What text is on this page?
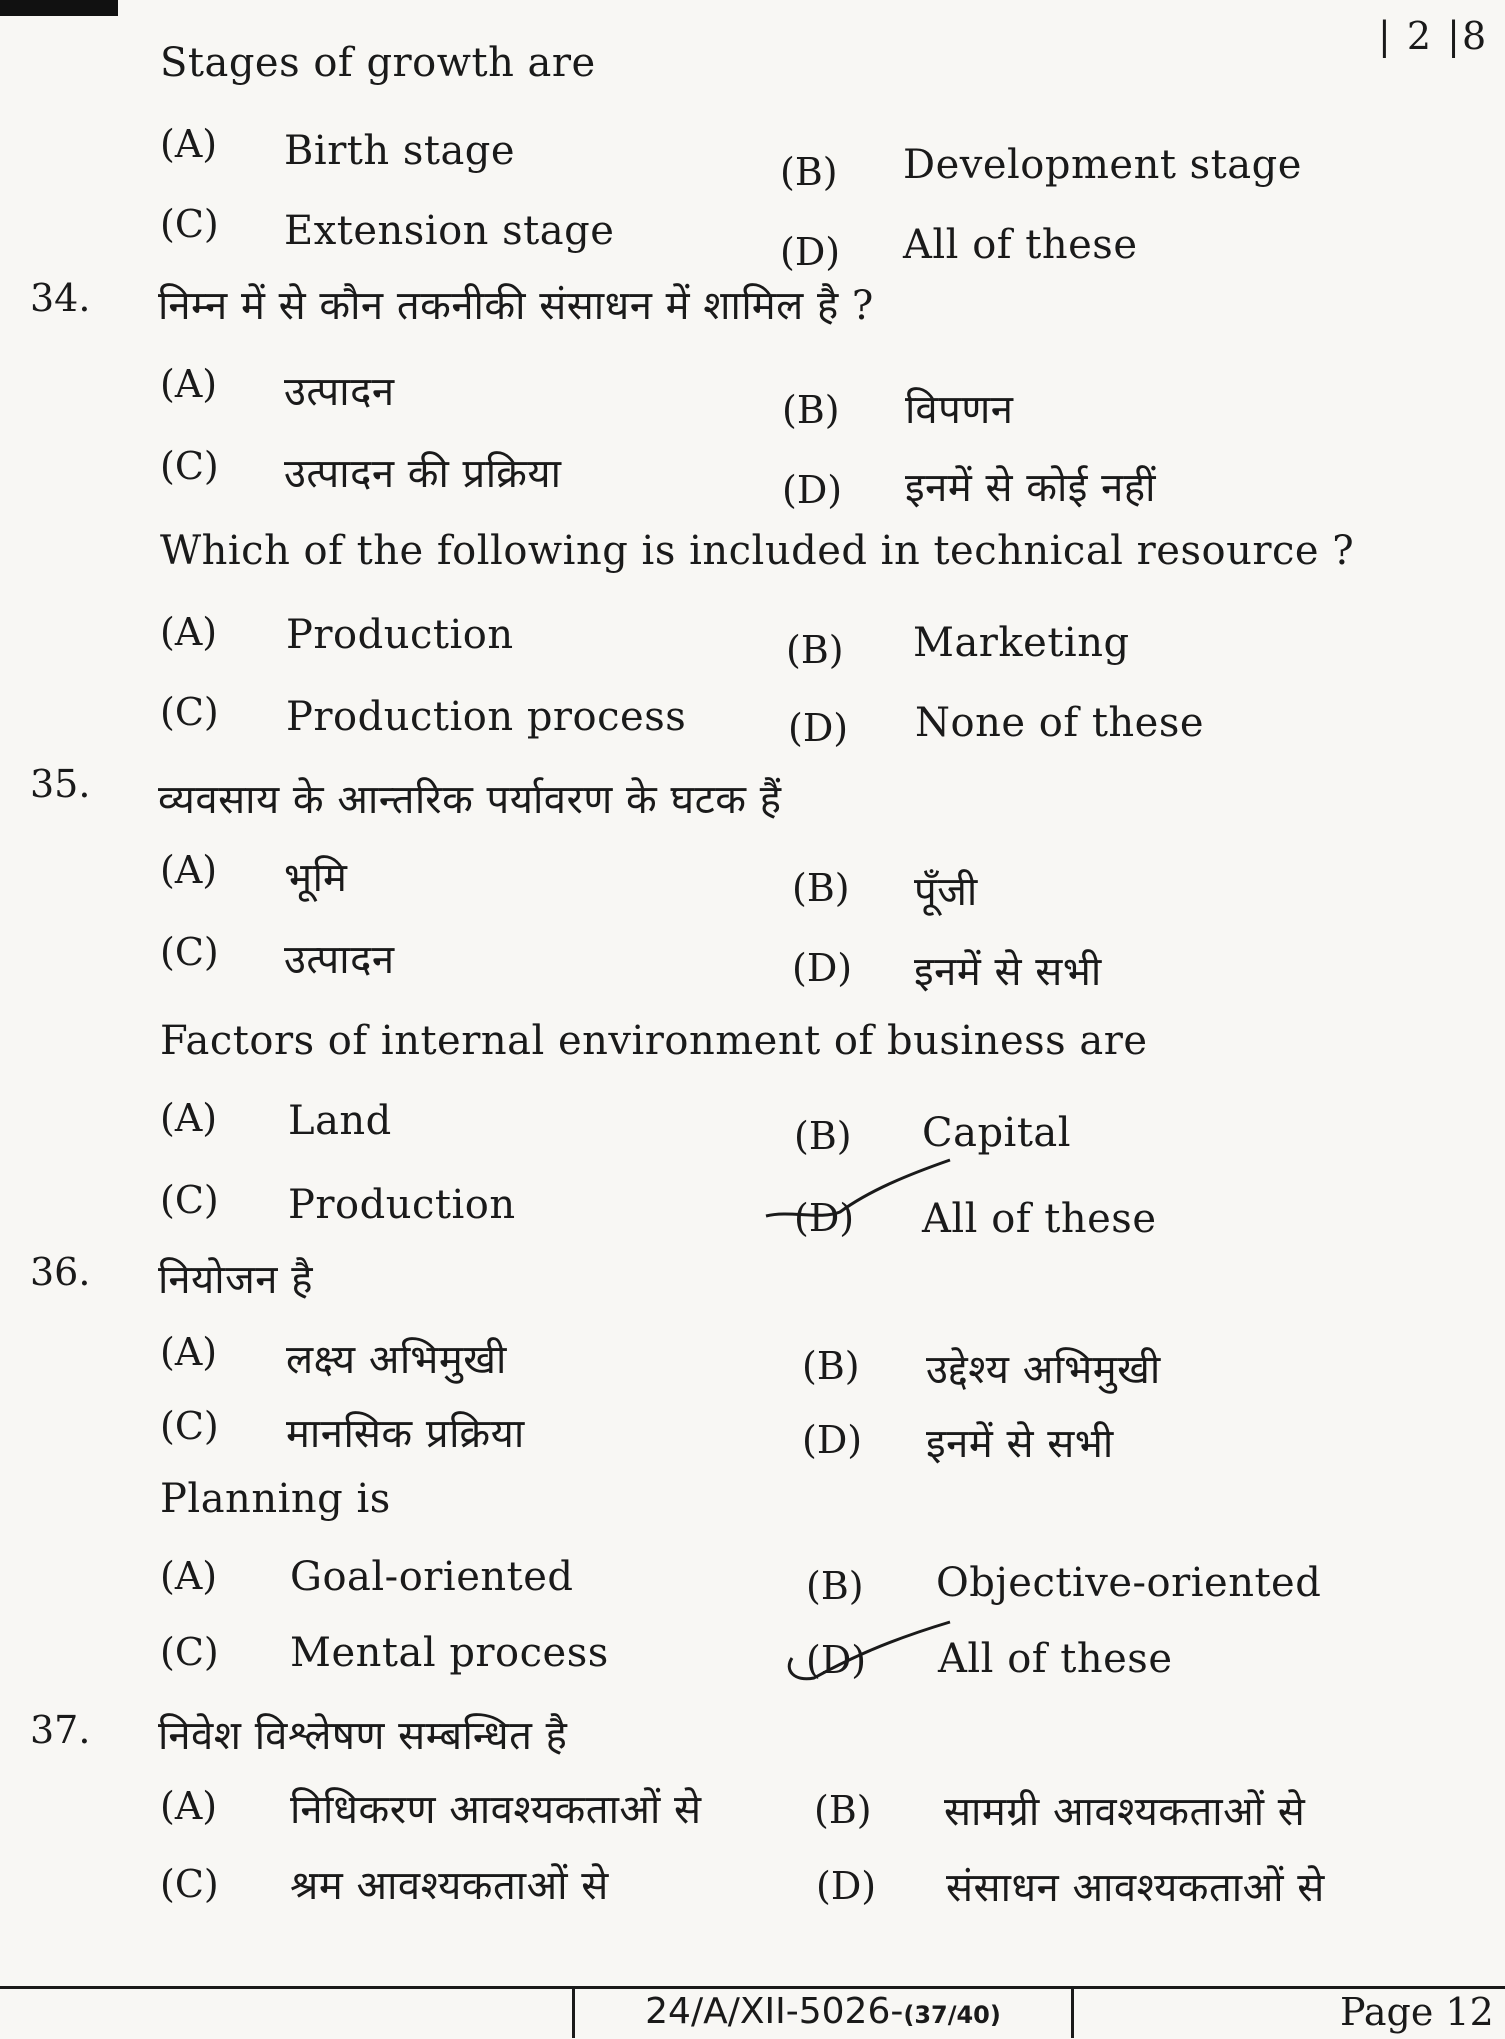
| 2 |8
Stages of growth are
(A) Birth stage	(B) Development stage
(C) Extension stage	(D) All of these
34. निम्न में से कौन तकनीकी संसाधन में शामिल है ?
(A) उत्पादन	(B) विपणन
(C) उत्पादन की प्रक्रिया	(D) इनमें से कोई नहीं
Which of the following is included in technical resource ?
(A) Production	(B) Marketing
(C) Production process	(D) None of these
35. व्यवसाय के आन्तरिक पर्यावरण के घटक हैं
(A) भूमि	(B) पूँजी
(C) उत्पादन	(D) इनमें से सभी
Factors of internal environment of business are
(A) Land	(B) Capital
(C) Production	(D) All of these
36. नियोजन है
(A) लक्ष्य अभिमुखी	(B) उद्देश्य अभिमुखी
(C) मानसिक प्रक्रिया	(D) इनमें से सभी
Planning is
(A) Goal-oriented	(B) Objective-oriented
(C) Mental process	(D) All of these
37. निवेश विश्लेषण सम्बन्धित है
(A) निधिकरण आवश्यकताओं से	(B) सामग्री आवश्यकताओं से
(C) श्रम आवश्यकताओं से	(D) संसाधन आवश्यकताओं से
24/A/XII-5026-(37/40)	Page 12
